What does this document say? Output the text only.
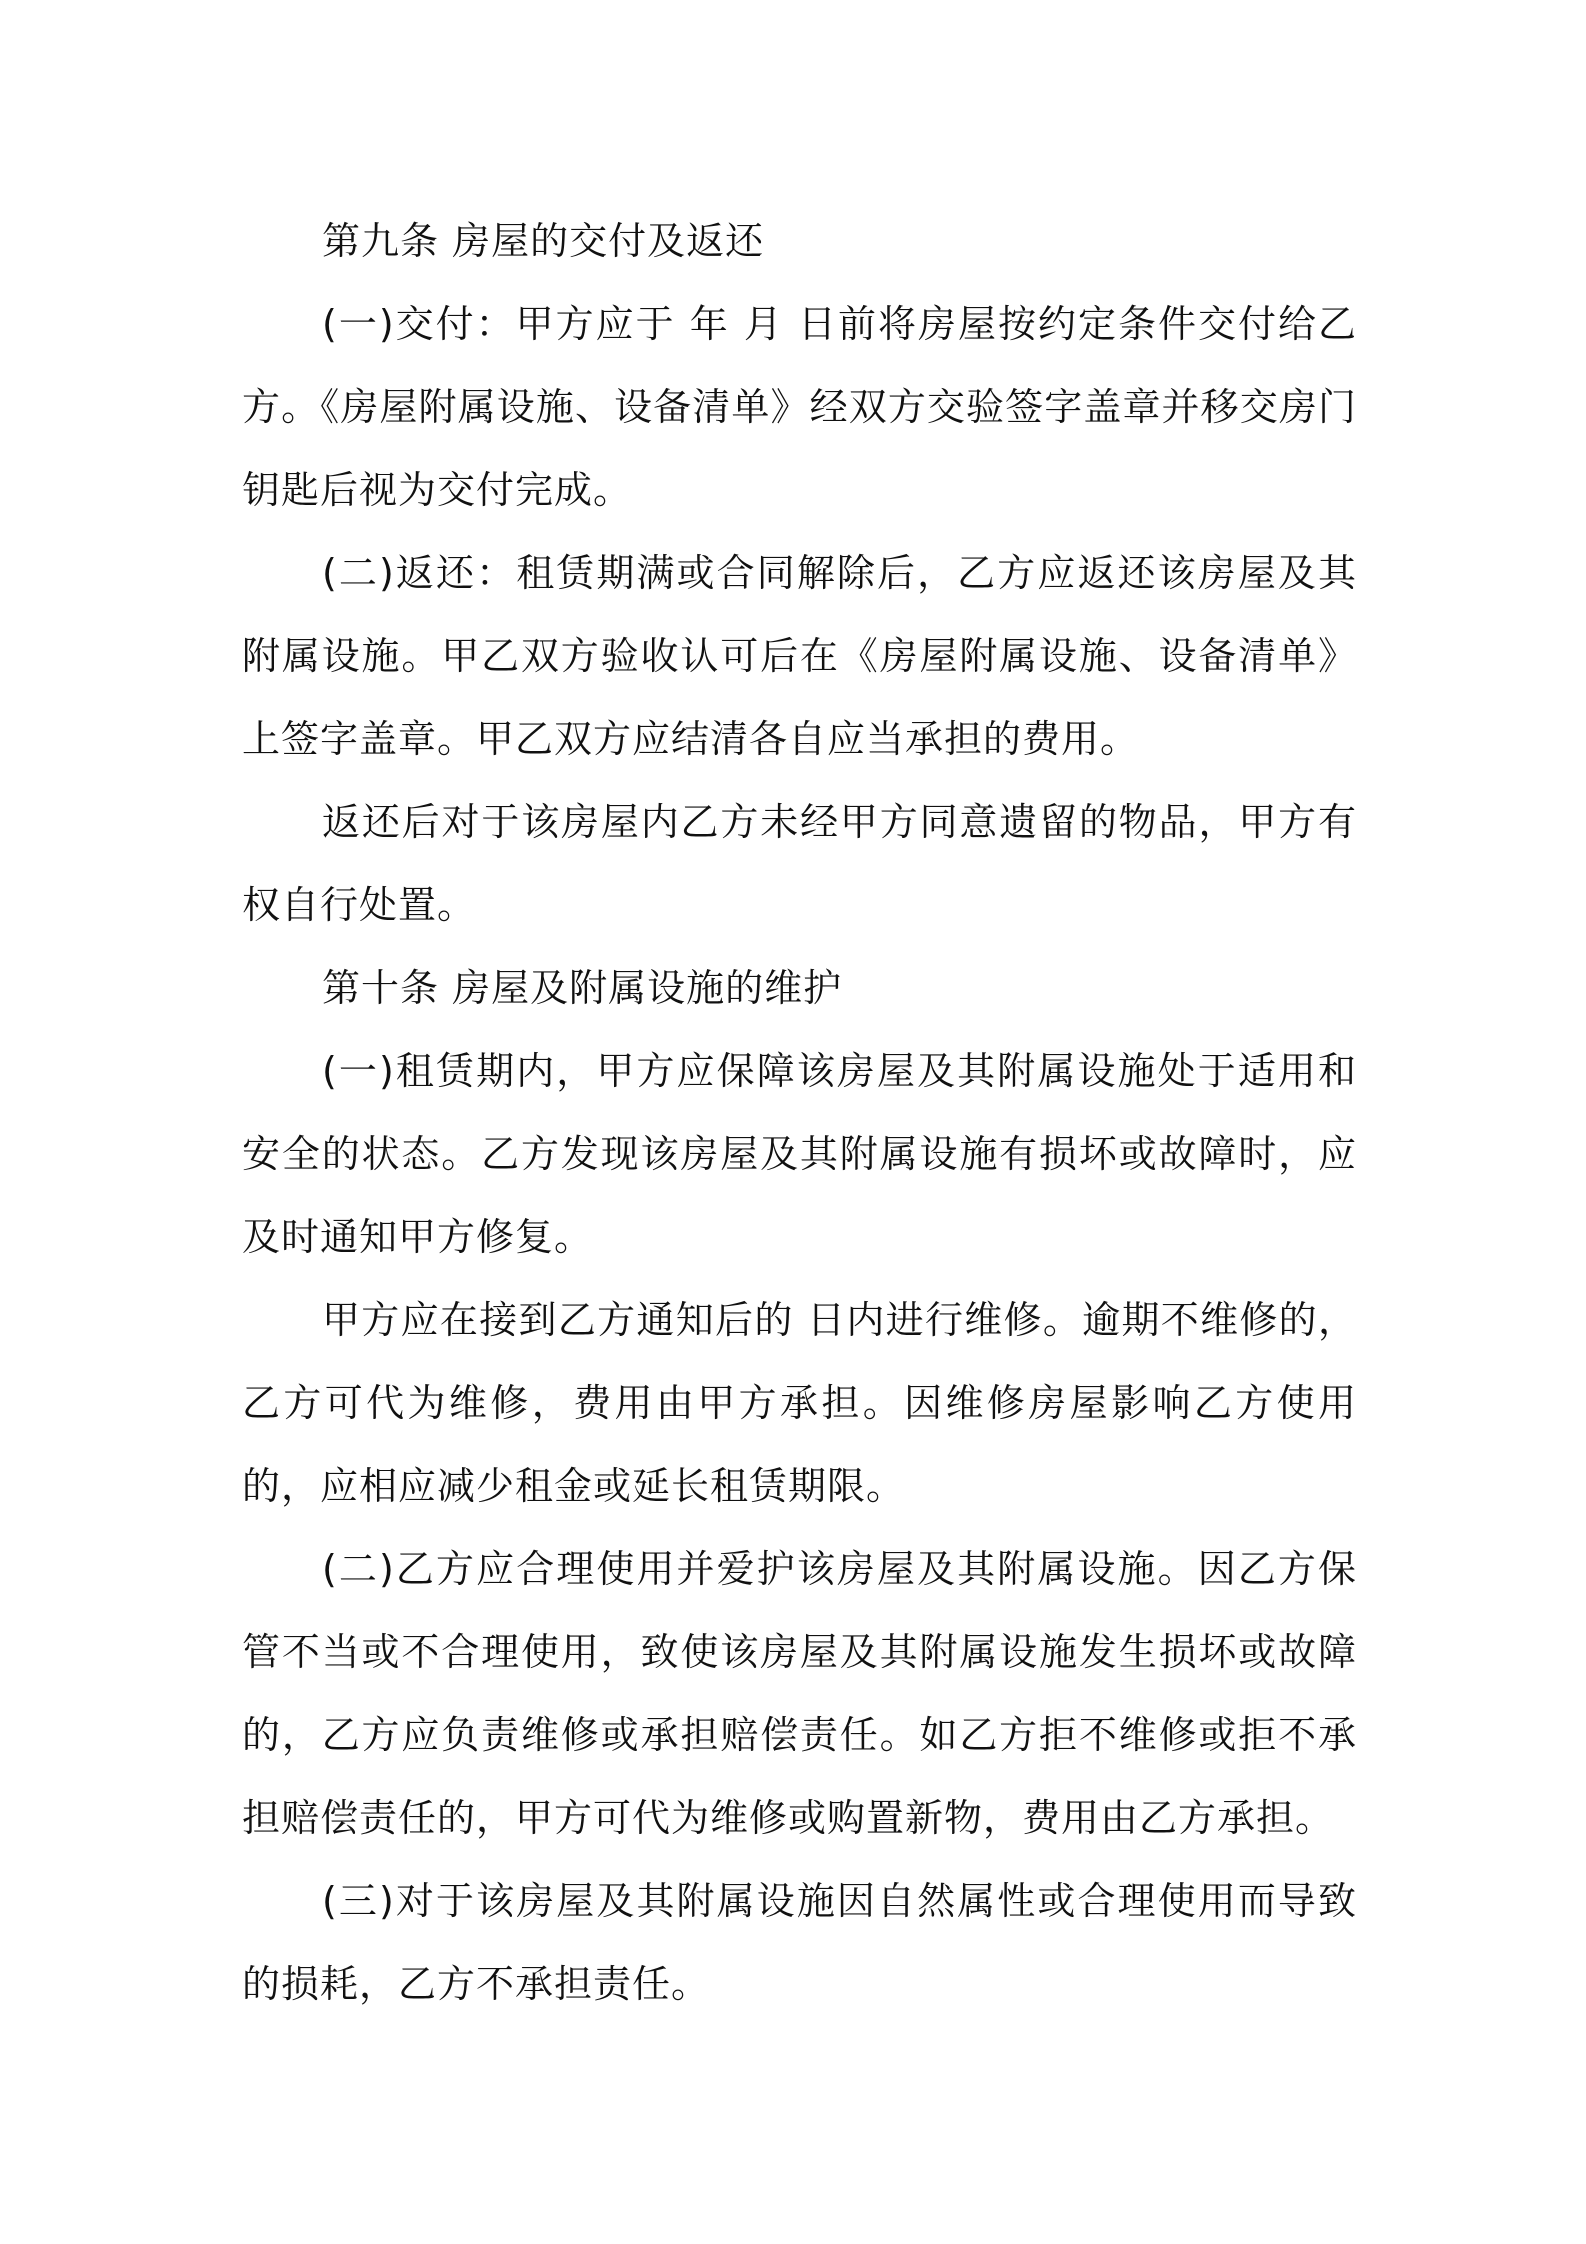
第九条 房屋的交付及返还

(一)交付：甲方应于 年 月 日前将房屋按约定条件交付给乙方。《房屋附属设施、设备清单》经双方交验签字盖章并移交房门钥匙后视为交付完成。

(二)返还：租赁期满或合同解除后，乙方应返还该房屋及其附属设施。甲乙双方验收认可后在《房屋附属设施、设备清单》上签字盖章。甲乙双方应结清各自应当承担的费用。

返还后对于该房屋内乙方未经甲方同意遗留的物品，甲方有权自行处置。

第十条 房屋及附属设施的维护

(一)租赁期内，甲方应保障该房屋及其附属设施处于适用和安全的状态。乙方发现该房屋及其附属设施有损坏或故障时，应及时通知甲方修复。

甲方应在接到乙方通知后的 日内进行维修。逾期不维修的，乙方可代为维修，费用由甲方承担。因维修房屋影响乙方使用的，应相应减少租金或延长租赁期限。

(二)乙方应合理使用并爱护该房屋及其附属设施。因乙方保管不当或不合理使用，致使该房屋及其附属设施发生损坏或故障的，乙方应负责维修或承担赔偿责任。如乙方拒不维修或拒不承担赔偿责任的，甲方可代为维修或购置新物，费用由乙方承担。

(三)对于该房屋及其附属设施因自然属性或合理使用而导致的损耗，乙方不承担责任。
